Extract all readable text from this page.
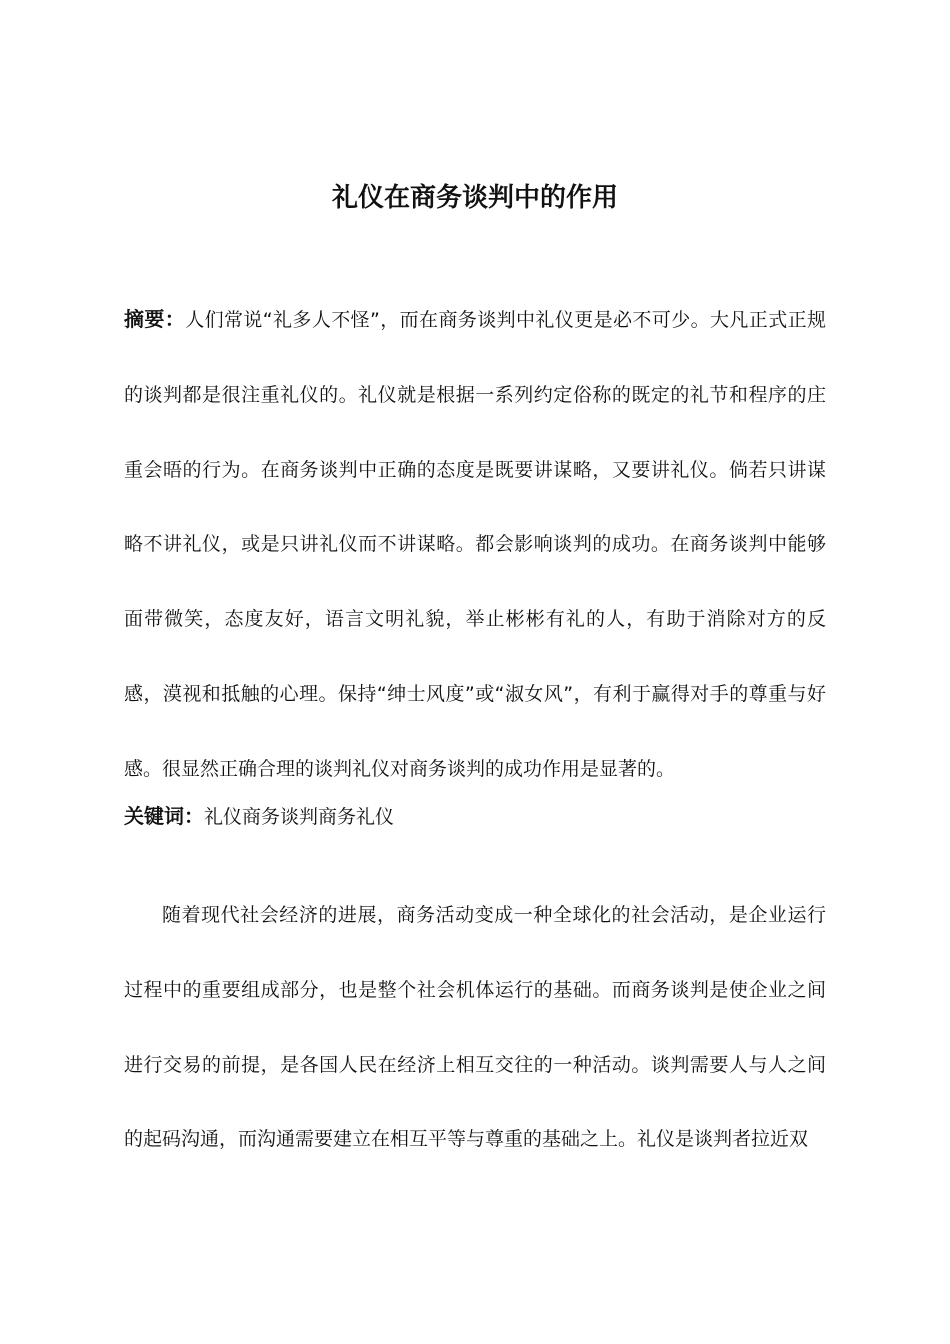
礼仪在商务谈判中的作用

摘要：人们常说“礼多人不怪”，而在商务谈判中礼仪更是必不可少。大凡正式正规的谈判都是很注重礼仪的。礼仪就是根据一系列约定俗称的既定的礼节和程序的庄重会晤的行为。在商务谈判中正确的态度是既要讲谋略，又要讲礼仪。倘若只讲谋略不讲礼仪，或是只讲礼仪而不讲谋略。都会影响谈判的成功。在商务谈判中能够面带微笑，态度友好，语言文明礼貌，举止彬彬有礼的人，有助于消除对方的反感，漠视和抵触的心理。保持“绅士风度”或“淑女风”，有利于赢得对手的尊重与好感。很显然正确合理的谈判礼仪对商务谈判的成功作用是显著的。

关键词：礼仪商务谈判商务礼仪

随着现代社会经济的进展，商务活动变成一种全球化的社会活动，是企业运行过程中的重要组成部分，也是整个社会机体运行的基础。而商务谈判是使企业之间进行交易的前提，是各国人民在经济上相互交往的一种活动。谈判需要人与人之间的起码沟通，而沟通需要建立在相互平等与尊重的基础之上。礼仪是谈判者拉近双
